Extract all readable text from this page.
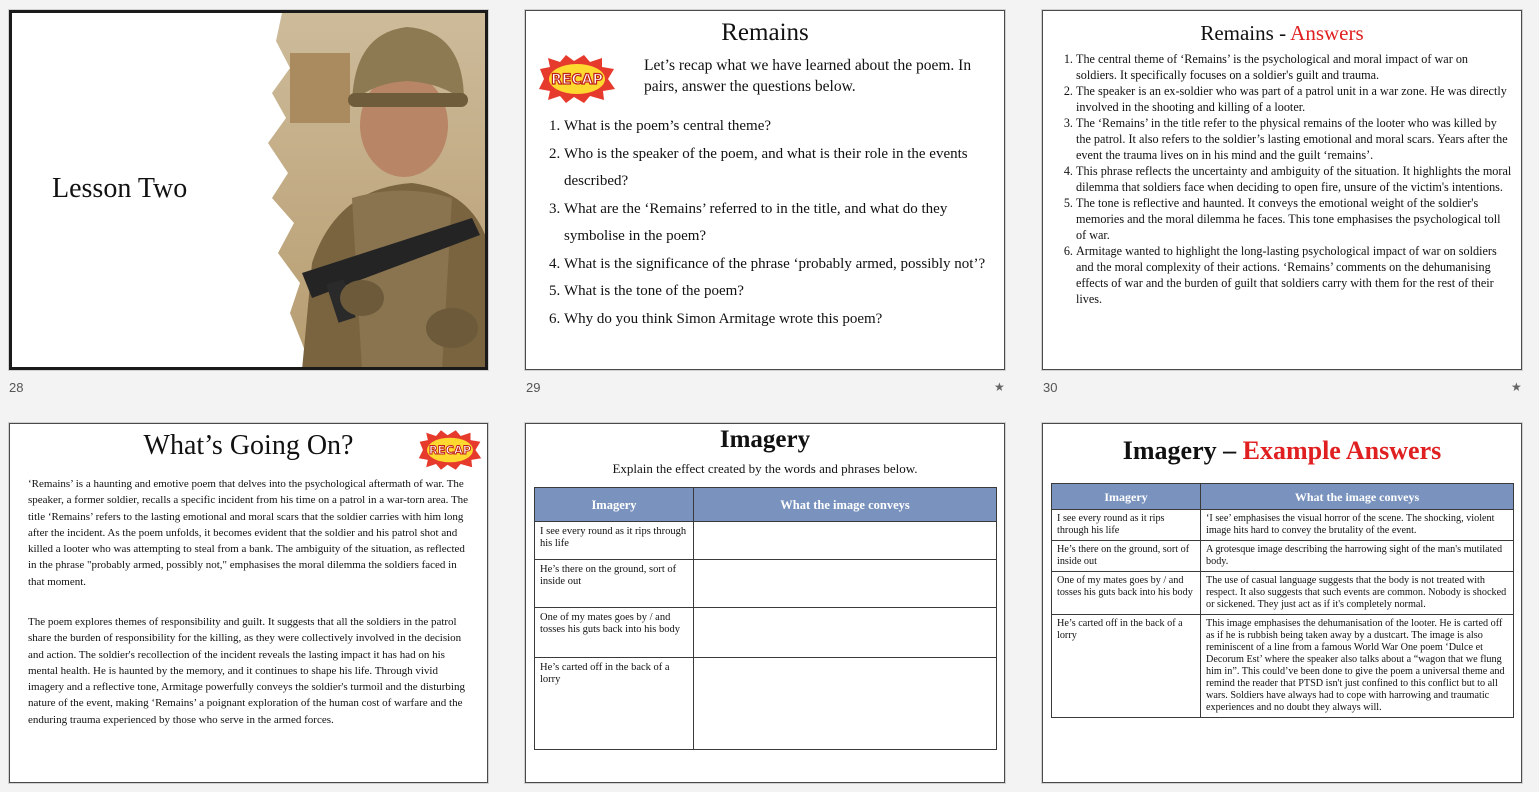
Lesson Two
28
Remains
RECAP
Let’s recap what we have learned about the poem. In pairs, answer the questions below.
1. What is the poem’s central theme?
2. Who is the speaker of the poem, and what is their role in the events described?
3. What are the ‘Remains’ referred to in the title, and what do they symbolise in the poem?
4. What is the significance of the phrase ‘probably armed, possibly not’?
5. What is the tone of the poem?
6. Why do you think Simon Armitage wrote this poem?
29	★
Remains - Answers
1. The central theme of ‘Remains’ is the psychological and moral impact of war on soldiers. It specifically focuses on a soldier's guilt and trauma.
2. The speaker is an ex-soldier who was part of a patrol unit in a war zone. He was directly involved in the shooting and killing of a looter.
3. The ‘Remains’ in the title refer to the physical remains of the looter who was killed by the patrol. It also refers to the soldier’s lasting emotional and moral scars. Years after the event the trauma lives on in his mind and the guilt ‘remains’.
4. This phrase reflects the uncertainty and ambiguity of the situation. It highlights the moral dilemma that soldiers face when deciding to open fire, unsure of the victim's intentions.
5. The tone is reflective and haunted. It conveys the emotional weight of the soldier's memories and the moral dilemma he faces. This tone emphasises the psychological toll of war.
6. Armitage wanted to highlight the long-lasting psychological impact of war on soldiers and the moral complexity of their actions. ‘Remains’ comments on the dehumanising effects of war and the burden of guilt that soldiers carry with them for the rest of their lives.
30	★
What’s Going On?	RECAP

‘Remains’ is a haunting and emotive poem that delves into the psychological aftermath of war. The speaker, a former soldier, recalls a specific incident from his time on a patrol in a war-torn area. The title ‘Remains’ refers to the lasting emotional and moral scars that the soldier carries with him long after the incident. As the poem unfolds, it becomes evident that the soldier and his patrol shot and killed a looter who was attempting to steal from a bank. The ambiguity of the situation, as reflected in the phrase "probably armed, possibly not," emphasises the moral dilemma the soldiers faced in that moment.

The poem explores themes of responsibility and guilt. It suggests that all the soldiers in the patrol share the burden of responsibility for the killing, as they were collectively involved in the decision and action. The soldier's recollection of the incident reveals the lasting impact it has had on his mental health. He is haunted by the memory, and it continues to shape his life. Through vivid imagery and a reflective tone, Armitage powerfully conveys the soldier's turmoil and the disturbing nature of the event, making ‘Remains’ a poignant exploration of the human cost of warfare and the enduring trauma experienced by those who serve in the armed forces.

Imagery
Explain the effect created by the words and phrases below.
Imagery	What the image conveys
I see every round as it rips through his life	
He’s there on the ground, sort of inside out	
One of my mates goes by / and tosses his guts back into his body	
He’s carted off in the back of a lorry	
Imagery – Example Answers
Imagery	What the image conveys
I see every round as it rips through his life	‘I see’ emphasises the visual horror of the scene. The shocking, violent image hits hard to convey the brutality of the event.
He’s there on the ground, sort of inside out	A grotesque image describing the harrowing sight of the man's mutilated body.
One of my mates goes by / and tosses his guts back into his body	The use of casual language suggests that the body is not treated with respect. It also suggests that such events are common. Nobody is shocked or sickened. They just act as if it's completely normal.
He’s carted off in the back of a lorry	This image emphasises the dehumanisation of the looter. He is carted off as if he is rubbish being taken away by a dustcart. The image is also reminiscent of a line from a famous World War One poem ‘Dulce et Decorum Est’ where the speaker also talks about a “wagon that we flung him in”. This could’ve been done to give the poem a universal theme and remind the reader that PTSD isn't just confined to this conflict but to all wars. Soldiers have always had to cope with harrowing and traumatic experiences and no doubt they always will.
